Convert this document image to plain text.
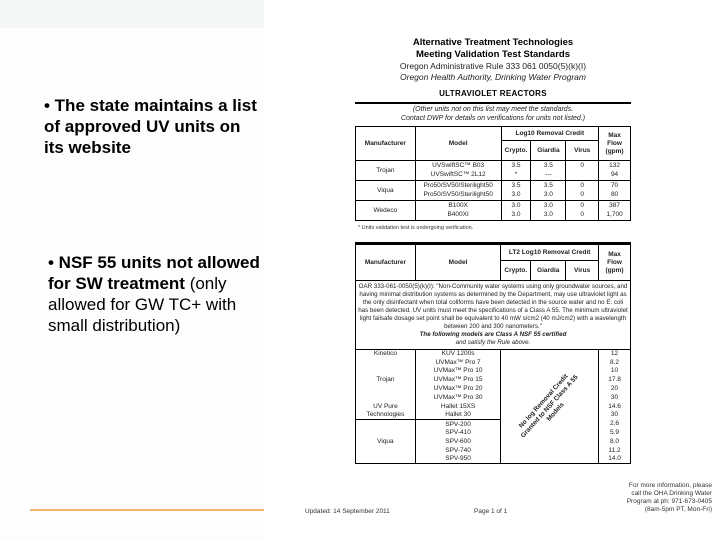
• The state maintains a list of approved UV units on its website
• NSF 55 units not allowed for SW treatment (only allowed for GW TC+ with small distribution)
Alternative Treatment Technologies
Meeting Validation Test Standards
Oregon Administrative Rule 333 061 0050(5)(k)(I)
Oregon Health Authority, Drinking Water Program
ULTRAVIOLET REACTORS
(Other units not on this list may meet the standards.
Contact DWP for details on verifications for units not listed.)
Manufacturer	Model	Log10 Removal Credit			Max Flow (gpm)
		Crypto.	Giardia	Virus	
Trojan	UVSwiftSC™ B03	3.5	3.5	0	132
	UVSwiftSC™ 2L12	*	---		94
Viqua	Pro50/SV50/Sterilight50	3.5	3.5	0	70
	Pro50/SV50/Sterilight50	3.0	3.0	0	80
Wedeco	B100X	3.0	3.0	0	387
	B400XI	3.0	3.0	0	1,700
* Units validation test is undergoing verification.
Manufacturer	Model	LT2 Log10 Removal Credit			Max Flow (gpm)
		Crypto.	Giardia	Virus	

OAR 333-061-0050(5)(k)(I): "Non-Community water systems using only groundwater sources, and having minimal distribution systems as determined by the Department, may use ultraviolet light as the only disinfectant when total coliforms have been detected in the source water and no E. coli has been detected. UV units must meet the specifications of a Class A 55. The minimum ultraviolet light failsafe dosage set point shall be equivalent to 40 mW s/cm2 (40 mJ/cm2) with a wavelength between 200 and 300 nanometers."
The following models are Class A NSF 55 certified
and satisfy the Rule above.					

Kinetico	KUV 1200s	No log Removal Credit Granted to NSF Class A 55 Models			12
	UVMax™ Pro 7				8.2
	UVMax™ Pro 10				10
Trojan	UVMax™ Pro 15				17.8
	UVMax™ Pro 20				20
	UVMax™ Pro 30				30
UV Pure	Hallet 15XS				14.6
Technologies	Hallet 30				30
	SPV-200				2.6
	SPV-410				5.9
Viqua	SPV-600				8.0
	SPV-740				11.2
	SPV-950				14.0
Updated: 14 September 2011	Page 1 of 1
For more information, please
call the OHA Drinking Water
Program at ph: 971-673-0405
(8am-5pm PT, Mon-Fri)
